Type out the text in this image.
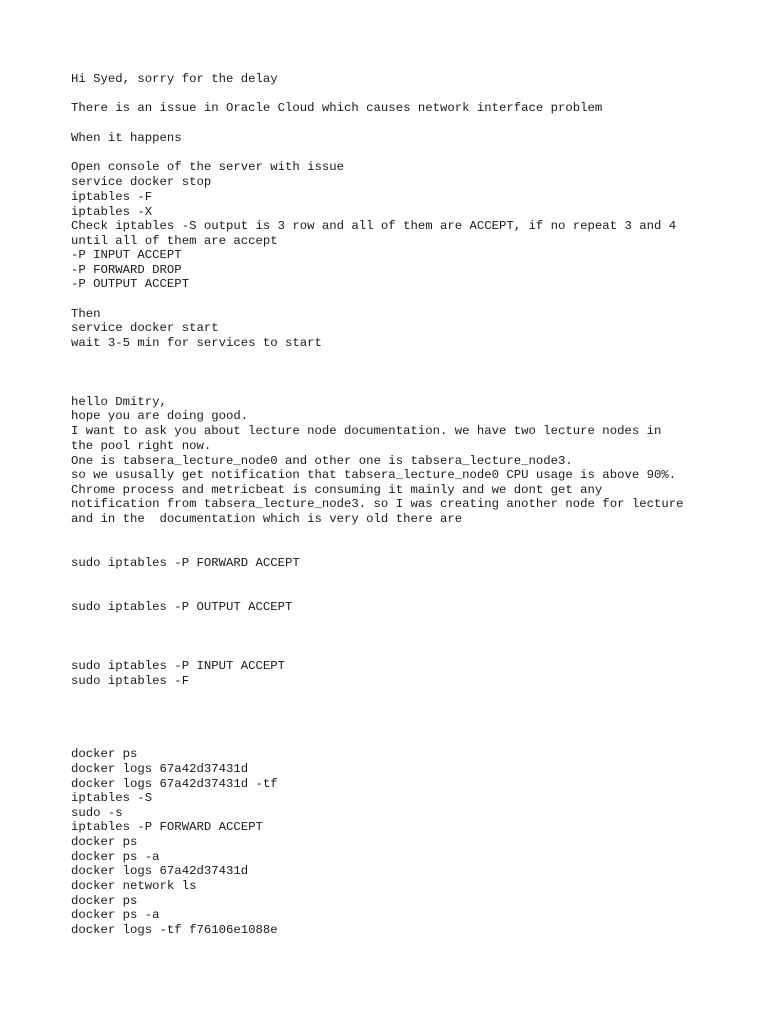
Hi Syed, sorry for the delay

There is an issue in Oracle Cloud which causes network interface problem

When it happens

Open console of the server with issue

service docker stop

iptables -F

iptables -X

Check iptables -S output is 3 row and all of them are ACCEPT, if no repeat 3 and 4

until all of them are accept

-P INPUT ACCEPT

-P FORWARD DROP

-P OUTPUT ACCEPT

Then

service docker start

wait 3-5 min for services to start

hello Dmitry,

hope you are doing good.

I want to ask you about lecture node documentation. we have two lecture nodes in

the pool right now.

One is tabsera_lecture_node0 and other one is tabsera_lecture_node3.

so we ususally get notification that tabsera_lecture_node0 CPU usage is above 90%.

Chrome process and metricbeat is consuming it mainly and we dont get any

notification from tabsera_lecture_node3. so I was creating another node for lecture

and in the  documentation which is very old there are

sudo iptables -P FORWARD ACCEPT

sudo iptables -P OUTPUT ACCEPT

sudo iptables -P INPUT ACCEPT

sudo iptables -F

docker ps

docker logs 67a42d37431d

docker logs 67a42d37431d -tf

iptables -S

sudo -s

iptables -P FORWARD ACCEPT

docker ps

docker ps -a

docker logs 67a42d37431d

docker network ls

docker ps

docker ps -a

docker logs -tf f76106e1088e
